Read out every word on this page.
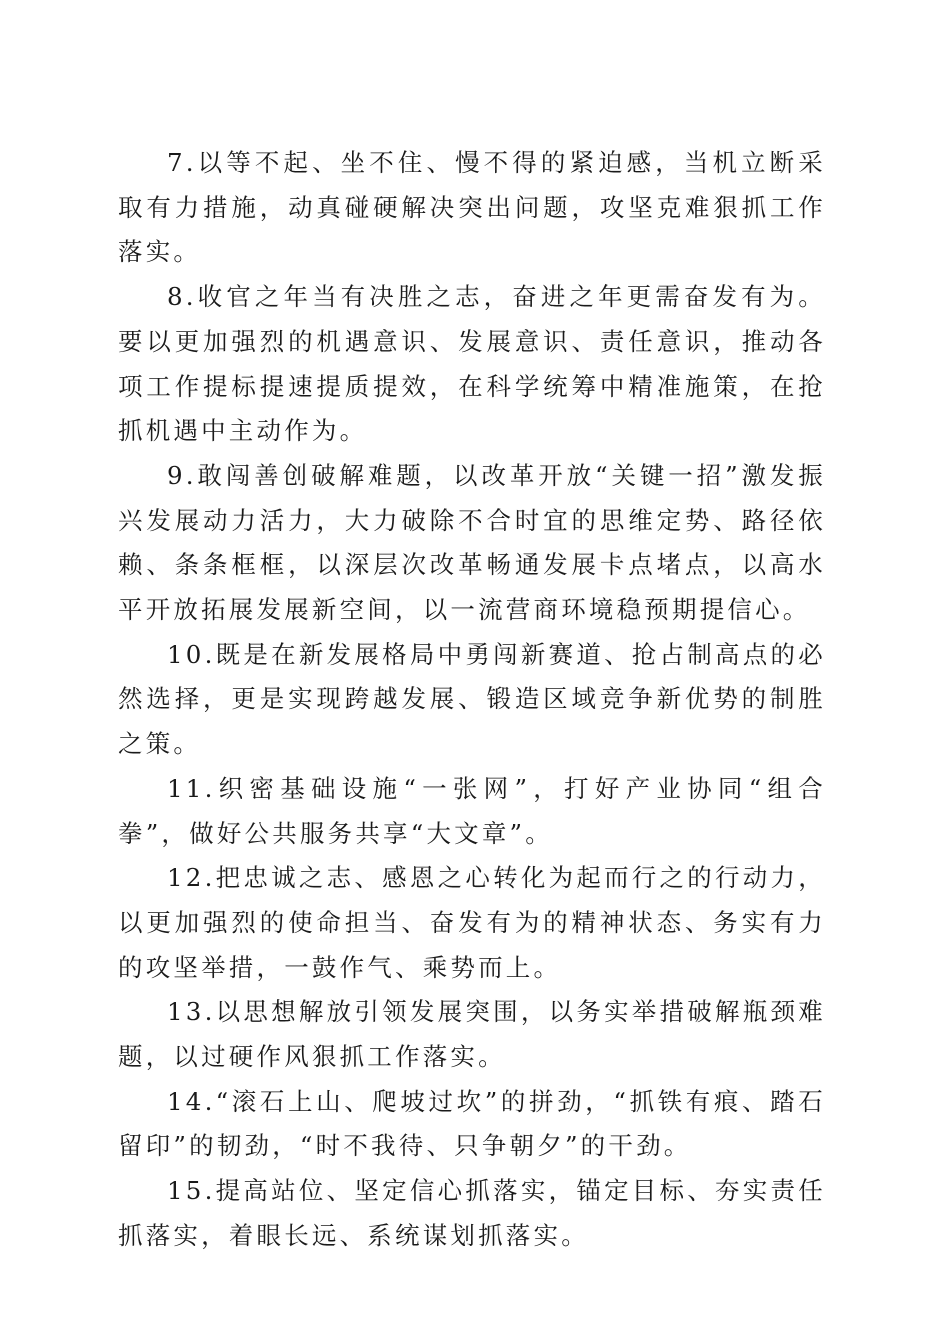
7.以等不起、坐不住、慢不得的紧迫感，当机立断采取有力措施，动真碰硬解决突出问题，攻坚克难狠抓工作落实。

8.收官之年当有决胜之志，奋进之年更需奋发有为。要以更加强烈的机遇意识、发展意识、责任意识，推动各项工作提标提速提质提效，在科学统筹中精准施策，在抢抓机遇中主动作为。

9.敢闯善创破解难题，以改革开放“关键一招”激发振兴发展动力活力，大力破除不合时宜的思维定势、路径依赖、条条框框，以深层次改革畅通发展卡点堵点，以高水平开放拓展发展新空间，以一流营商环境稳预期提信心。

10.既是在新发展格局中勇闯新赛道、抢占制高点的必然选择，更是实现跨越发展、锻造区域竞争新优势的制胜之策。

11.织密基础设施“一张网”，打好产业协同“组合拳”，做好公共服务共享“大文章”。

12.把忠诚之志、感恩之心转化为起而行之的行动力，以更加强烈的使命担当、奋发有为的精神状态、务实有力的攻坚举措，一鼓作气、乘势而上。

13.以思想解放引领发展突围，以务实举措破解瓶颈难题，以过硬作风狠抓工作落实。

14.“滚石上山、爬坡过坎”的拼劲，“抓铁有痕、踏石留印”的韧劲，“时不我待、只争朝夕”的干劲。

15.提高站位、坚定信心抓落实，锚定目标、夯实责任抓落实，着眼长远、系统谋划抓落实。
